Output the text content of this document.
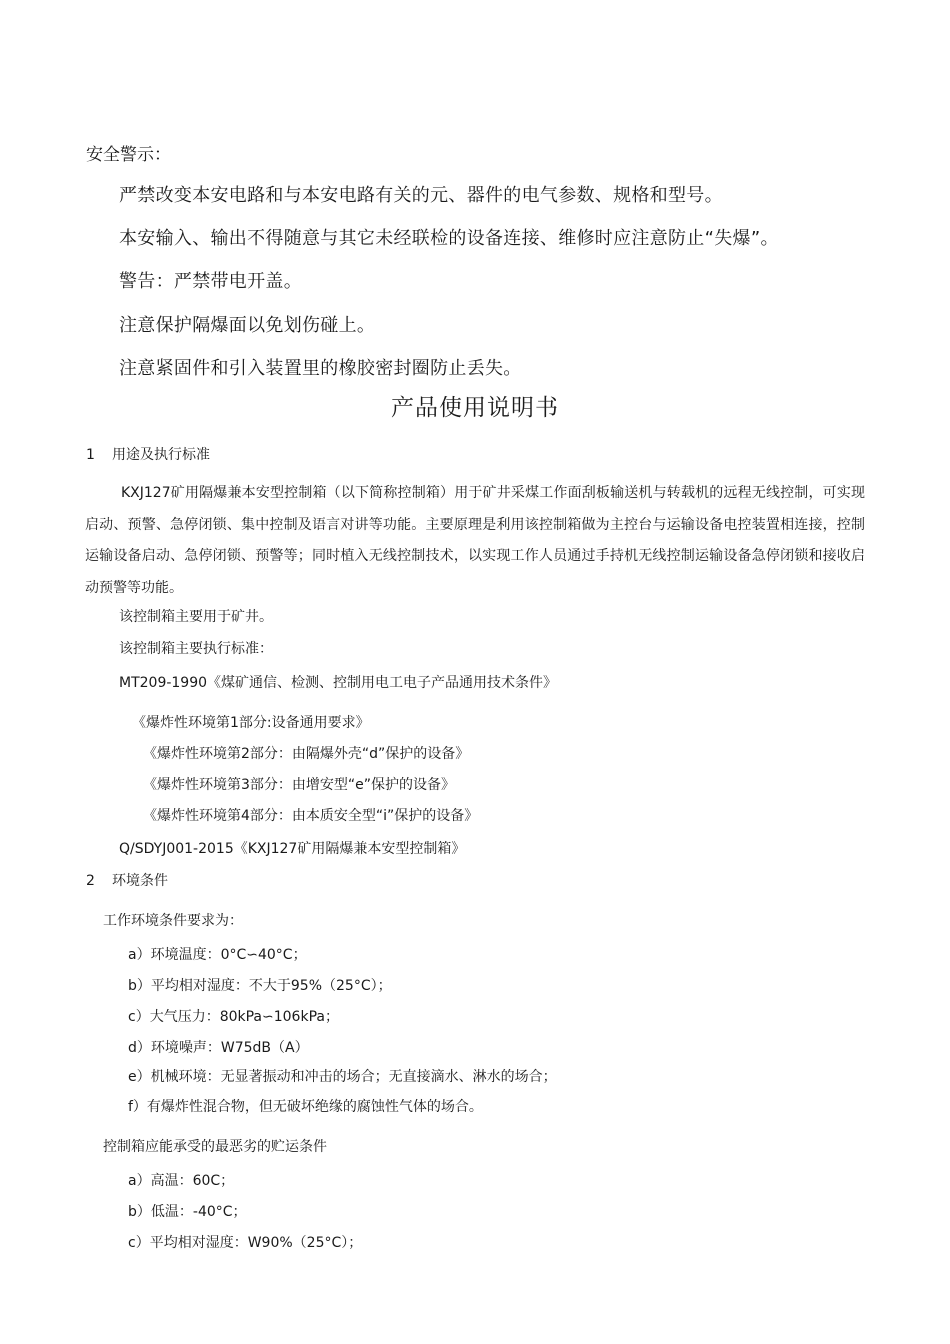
安全警示：
严禁改变本安电路和与本安电路有关的元、器件的电气参数、规格和型号。
本安输入、输出不得随意与其它未经联检的设备连接、维修时应注意防止“失爆”。
警告：严禁带电开盖。
注意保护隔爆面以免划伤碰上。
注意紧固件和引入装置里的橡胶密封圈防止丢失。
产品使用说明书
1 用途及执行标准
KXJ127矿用隔爆兼本安型控制箱（以下简称控制箱）用于矿井采煤工作面刮板输送机与转载机的远程无线控制，可实现启动、预警、急停闭锁、集中控制及语言对讲等功能。主要原理是利用该控制箱做为主控台与运输设备电控装置相连接，控制运输设备启动、急停闭锁、预警等；同时植入无线控制技术，以实现工作人员通过手持机无线控制运输设备急停闭锁和接收启动预警等功能。
该控制箱主要用于矿井。
该控制箱主要执行标准：
MT209-1990《煤矿通信、检测、控制用电工电子产品通用技术条件》
《爆炸性环境第1部分:设备通用要求》
《爆炸性环境第2部分：由隔爆外壳“d”保护的设备》
《爆炸性环境第3部分：由增安型“e”保护的设备》
《爆炸性环境第4部分：由本质安全型“i”保护的设备》
Q/SDYJ001-2015《KXJ127矿用隔爆兼本安型控制箱》
2 环境条件
工作环境条件要求为：
a）环境温度：0°C∽40°C；
b）平均相对湿度：不大于95%（25°C）；
c）大气压力：80kPa∽106kPa；
d）环境噪声：W75dB（A）
e）机械环境：无显著振动和冲击的场合；无直接滴水、淋水的场合；
f）有爆炸性混合物，但无破坏绝缘的腐蚀性气体的场合。
控制箱应能承受的最恶劣的贮运条件
a）高温：60C；
b）低温：-40°C；
c）平均相对湿度：W90%（25°C）；
